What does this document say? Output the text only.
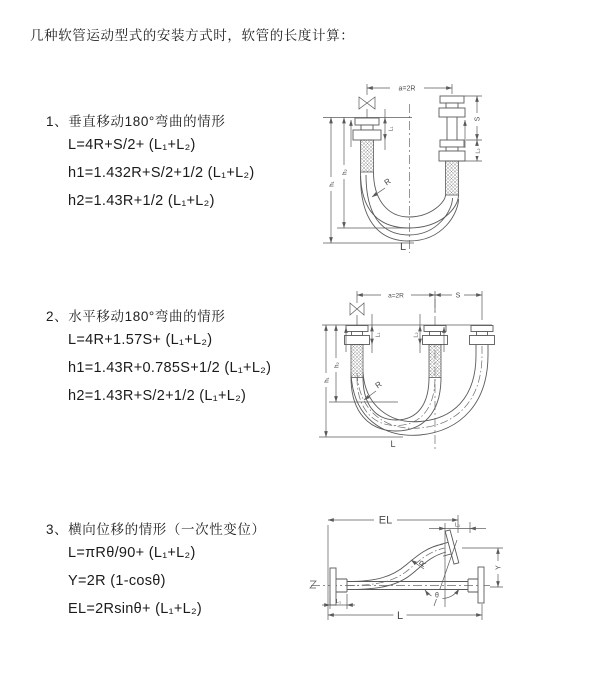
几种软管运动型式的安装方式时，软管的长度计算：
1、垂直移动180°弯曲的情形
L=4R+S/2+ (L₁+L₂)
h1=1.432R+S/2+1/2 (L₁+L₂)
h2=1.43R+1/2 (L₁+L₂)
2、水平移动180°弯曲的情形
L=4R+1.57S+ (L₁+L₂)
h1=1.43R+0.785S+1/2 (L₁+L₂)
h2=1.43R+S/2+1/2 (L₁+L₂)
3、横向位移的情形（一次性变位）
L=πRθ/90+ (L₁+L₂)
Y=2R (1-cosθ)
EL=2Rsinθ+ (L₁+L₂)
a=2R
S
L₂
L₁
h₁
h₂
R
L
a=2R	S
L₁	L₂
h₁
h₂
R
L
θ
EL	L₁
Y
L
L₁
R
